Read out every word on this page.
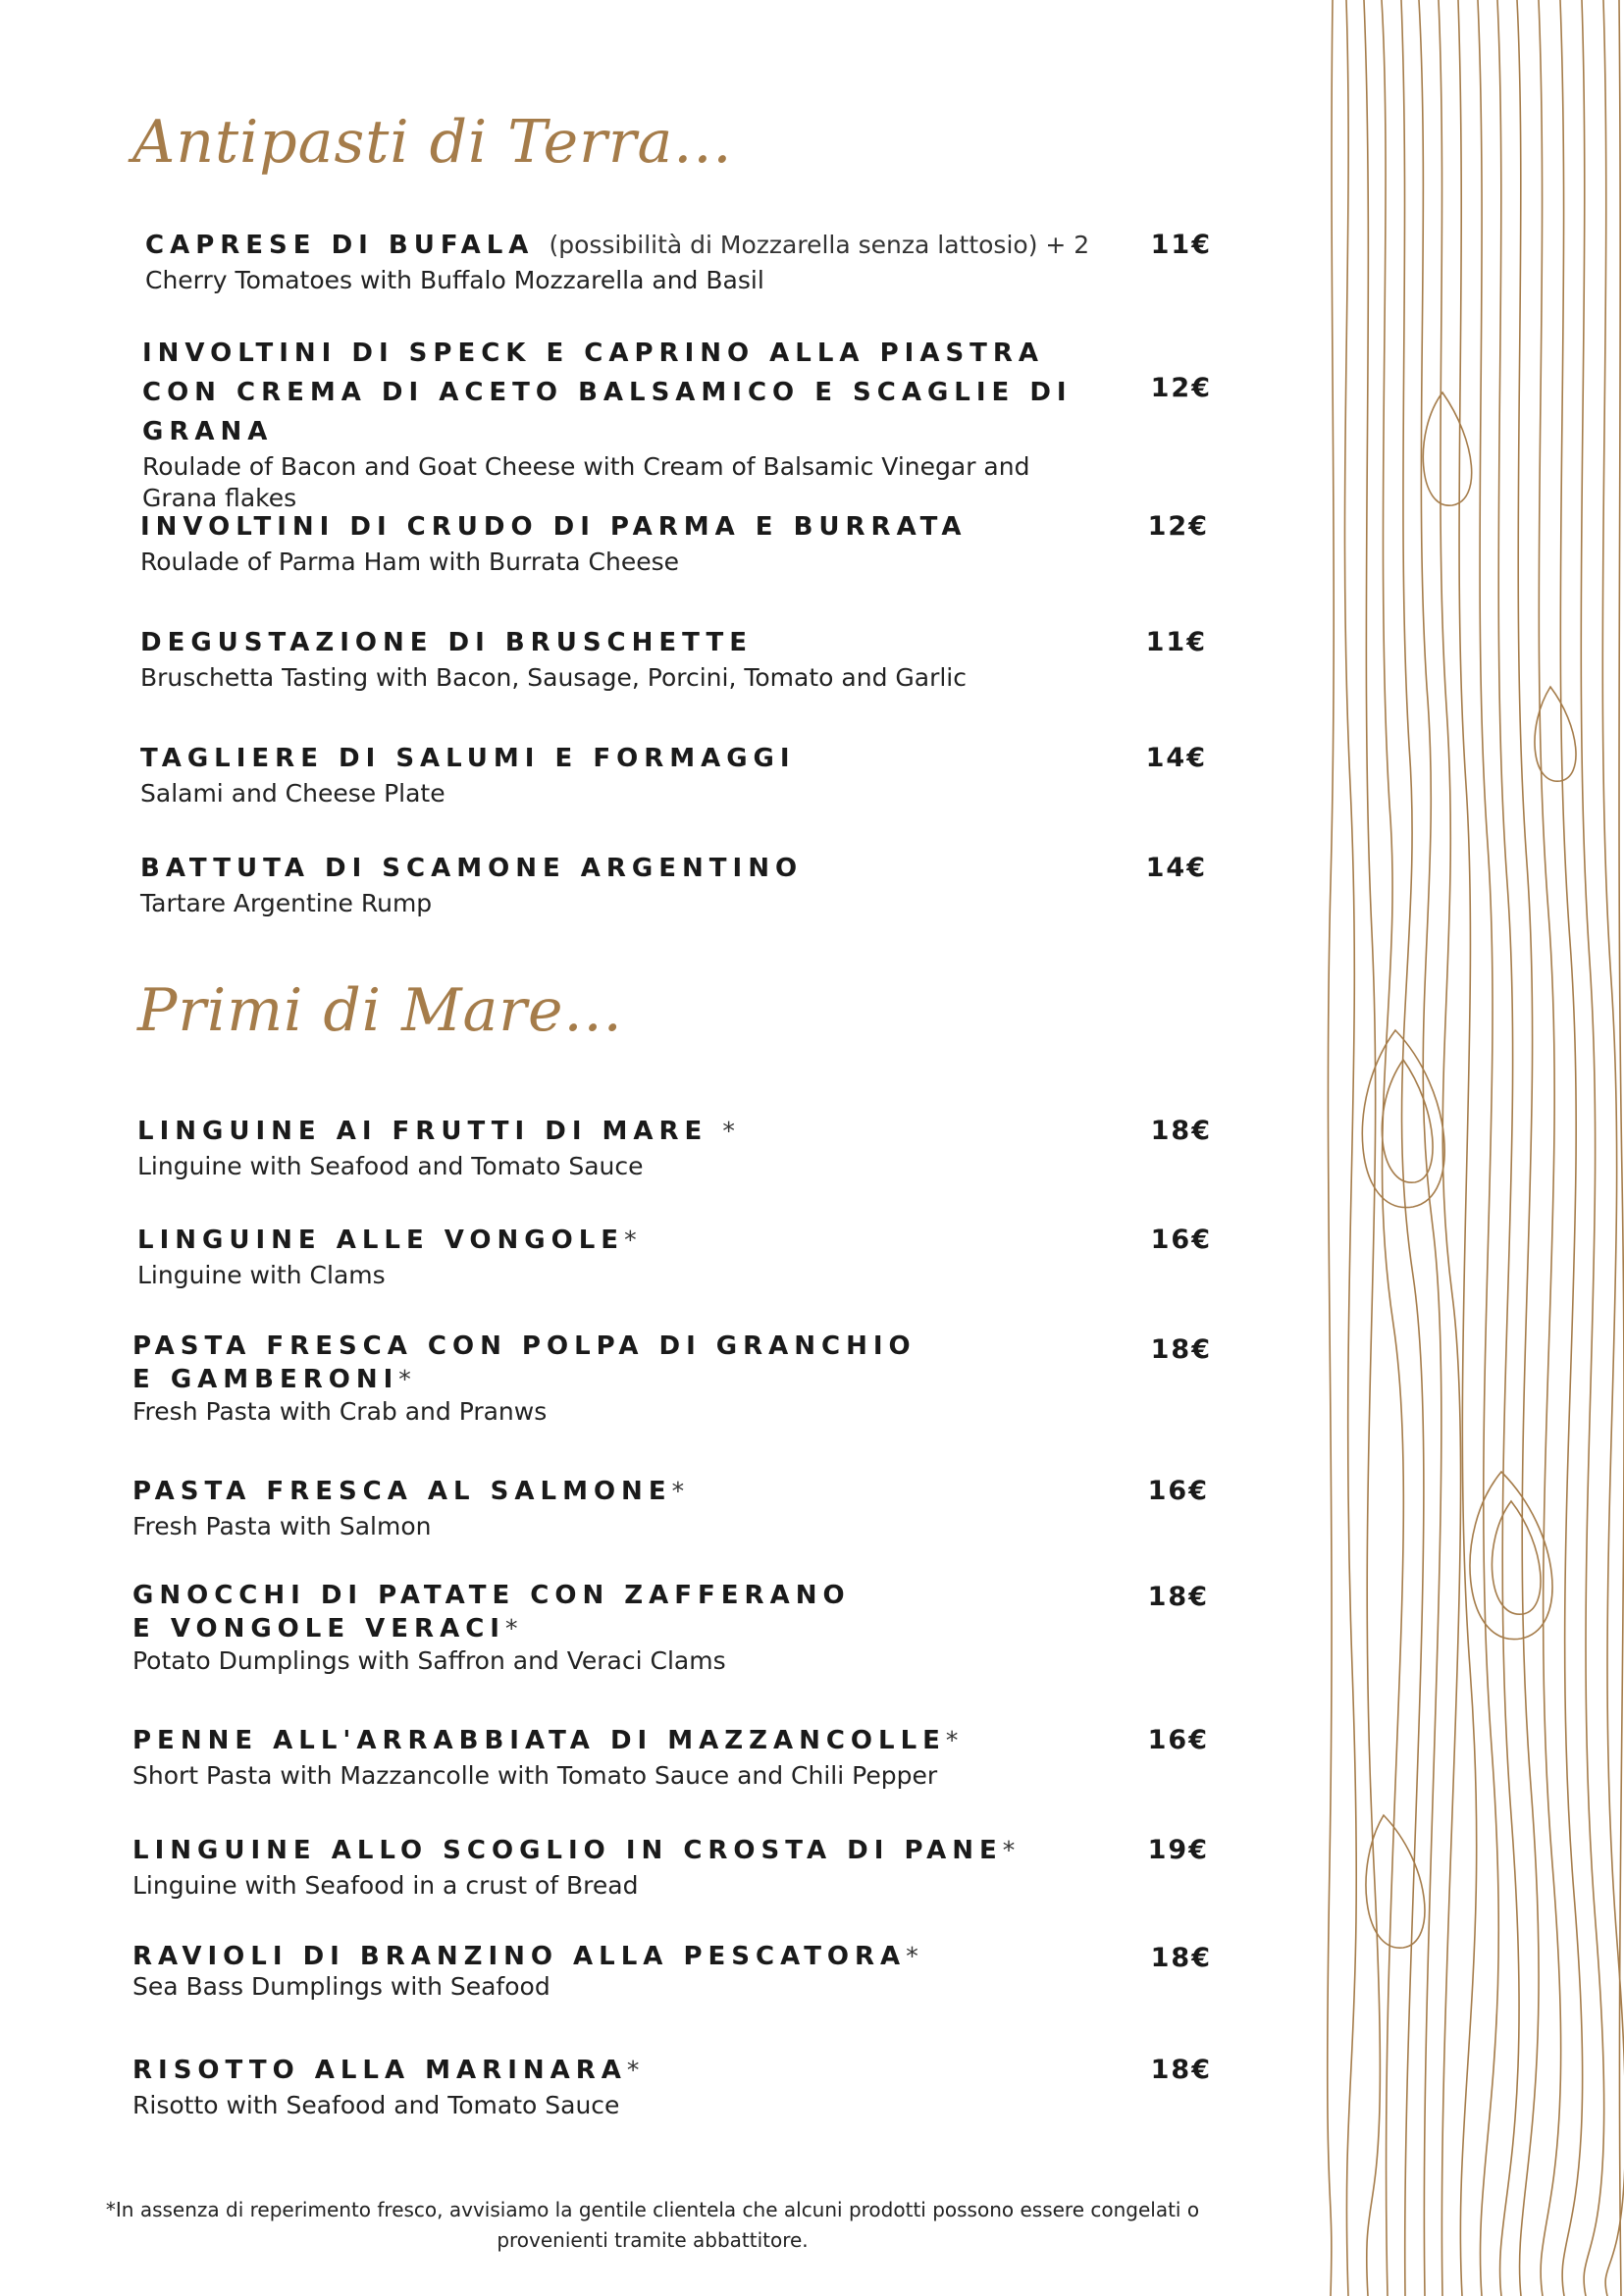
Antipasti di Terra...
CAPRESE DI BUFALA (possibilità di Mozzarella senza lattosio) + 2
Cherry Tomatoes with Buffalo Mozzarella and Basil
11€
INVOLTINI DI SPECK E CAPRINO ALLA PIASTRA CON CREMA DI ACETO BALSAMICO E SCAGLIE DI GRANA
Roulade of Bacon and Goat Cheese with Cream of Balsamic Vinegar and Grana flakes
12€
INVOLTINI DI CRUDO DI PARMA E BURRATA
Roulade of Parma Ham with Burrata Cheese
12€
DEGUSTAZIONE DI BRUSCHETTE
Bruschetta Tasting with Bacon, Sausage, Porcini, Tomato and Garlic
11€
TAGLIERE DI SALUMI E FORMAGGI
Salami and Cheese Plate
14€
BATTUTA DI SCAMONE ARGENTINO
Tartare Argentine Rump
14€
Primi di Mare...
LINGUINE AI FRUTTI DI MARE *
Linguine with Seafood and Tomato Sauce
18€
LINGUINE ALLE VONGOLE*
Linguine with Clams
16€
PASTA FRESCA CON POLPA DI GRANCHIO E GAMBERONI*
Fresh Pasta with Crab and Pranws
18€
PASTA FRESCA AL SALMONE*
Fresh Pasta with Salmon
16€
GNOCCHI DI PATATE CON ZAFFERANO E VONGOLE VERACI*
Potato Dumplings with Saffron and Veraci Clams
18€
PENNE ALL'ARRABBIATA DI MAZZANCOLLE*
Short Pasta with Mazzancolle with Tomato Sauce and Chili Pepper
16€
LINGUINE ALLO SCOGLIO IN CROSTA DI PANE*
Linguine with Seafood in a crust of Bread
19€
RAVIOLI DI BRANZINO ALLA PESCATORA*
Sea Bass Dumplings with Seafood
18€
RISOTTO ALLA MARINARA*
Risotto with Seafood and Tomato Sauce
18€
*In assenza di reperimento fresco, avvisiamo la gentile clientela che alcuni prodotti possono essere congelati o provenienti tramite abbattitore.
